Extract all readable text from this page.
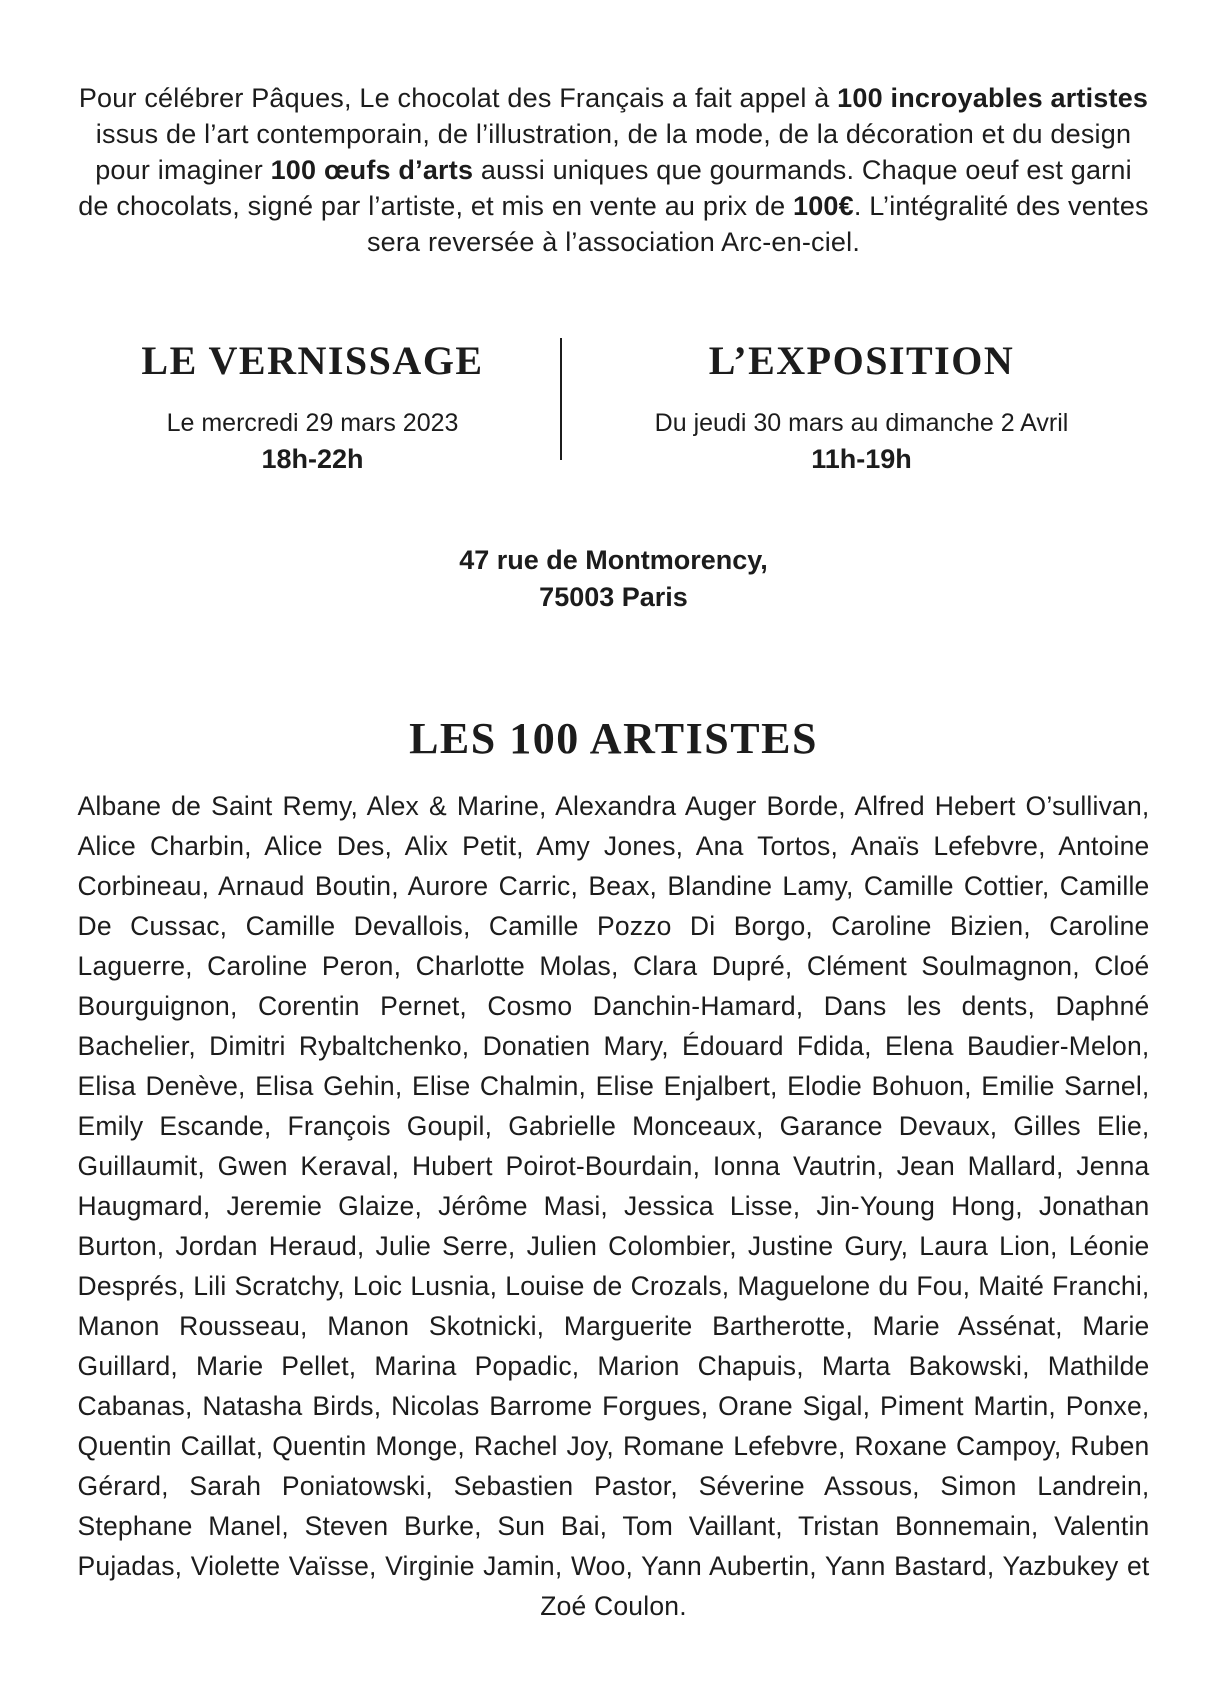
Pour célébrer Pâques, Le chocolat des Français a fait appel à 100 incroyables artistes issus de l’art contemporain, de l’illustration, de la mode, de la décoration et du design pour imaginer 100 œufs d’arts aussi uniques que gourmands. Chaque oeuf est garni de chocolats, signé par l’artiste, et mis en vente au prix de 100€. L’intégralité des ventes sera reversée à l’association Arc-en-ciel.

LE VERNISSAGE
Le mercredi 29 mars 2023
18h-22h
L’EXPOSITION
Du jeudi 30 mars au dimanche 2 Avril
11h-19h
47 rue de Montmorency,
75003 Paris
LES 100 ARTISTES

Albane de Saint Remy, Alex & Marine, Alexandra Auger Borde, Alfred Hebert O’sullivan, Alice Charbin, Alice Des, Alix Petit, Amy Jones, Ana Tortos, Anaïs Lefebvre, Antoine Corbineau, Arnaud Boutin, Aurore Carric, Beax, Blandine Lamy, Camille Cottier, Camille De Cussac, Camille Devallois, Camille Pozzo Di Borgo, Caroline Bizien, Caroline Laguerre, Caroline Peron, Charlotte Molas, Clara Dupré, Clément Soulmagnon, Cloé Bourguignon, Corentin Pernet, Cosmo Danchin-Hamard, Dans les dents, Daphné Bachelier, Dimitri Rybaltchenko, Donatien Mary, Édouard Fdida, Elena Baudier-Melon, Elisa Denève, Elisa Gehin, Elise Chalmin, Elise Enjalbert, Elodie Bohuon, Emilie Sarnel, Emily Escande, François Goupil, Gabrielle Monceaux, Garance Devaux, Gilles Elie, Guillaumit, Gwen Keraval, Hubert Poirot-Bourdain, Ionna Vautrin, Jean Mallard, Jenna Haugmard, Jeremie Glaize, Jérôme Masi, Jessica Lisse, Jin-Young Hong, Jonathan Burton, Jordan Heraud, Julie Serre, Julien Colombier, Justine Gury, Laura Lion, Léonie Després, Lili Scratchy, Loic Lusnia, Louise de Crozals, Maguelone du Fou, Maité Franchi, Manon Rousseau, Manon Skotnicki, Marguerite Bartherotte, Marie Assénat, Marie Guillard, Marie Pellet, Marina Popadic, Marion Chapuis, Marta Bakowski, Mathilde Cabanas, Natasha Birds, Nicolas Barrome Forgues, Orane Sigal, Piment Martin, Ponxe, Quentin Caillat, Quentin Monge, Rachel Joy, Romane Lefebvre, Roxane Campoy, Ruben Gérard, Sarah Poniatowski, Sebastien Pastor, Séverine Assous, Simon Landrein, Stephane Manel, Steven Burke, Sun Bai, Tom Vaillant, Tristan Bonnemain, Valentin Pujadas, Violette Vaïsse, Virginie Jamin, Woo, Yann Aubertin, Yann Bastard, Yazbukey et Zoé Coulon.
